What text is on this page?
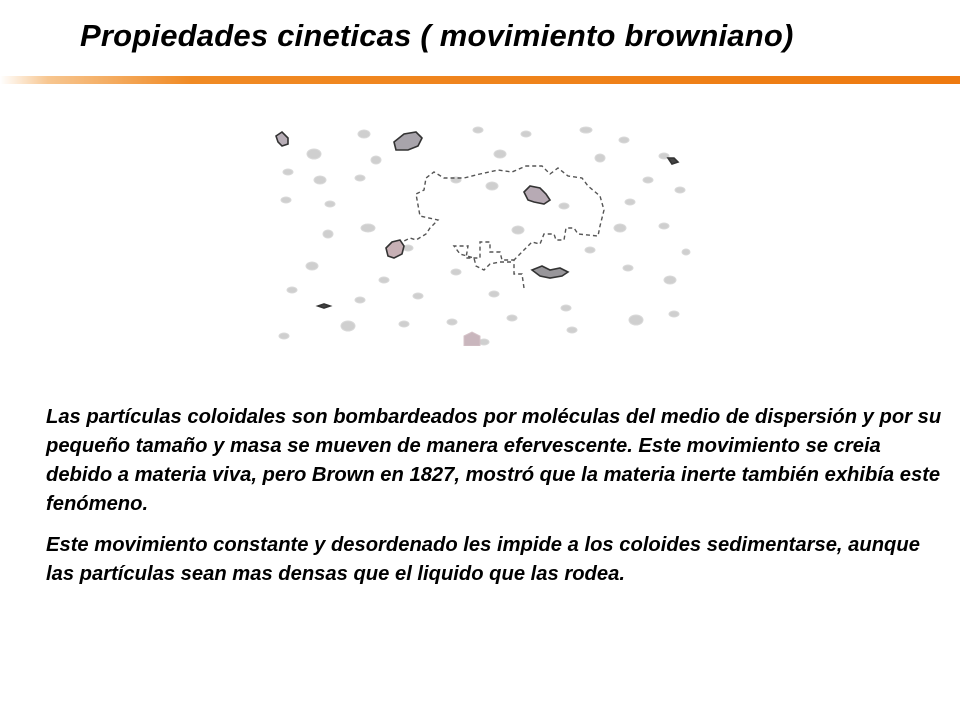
Propiedades cineticas ( movimiento browniano)

Las partículas coloidales son bombardeados por moléculas del medio de dispersión y por su pequeño tamaño y masa se mueven de manera efervescente. Este movimiento se creia debido a materia viva, pero Brown en 1827, mostró que la materia inerte también exhibía este fenómeno.

Este movimiento constante y desordenado les impide a los coloides sedimentarse, aunque las partículas sean mas densas que el liquido que las rodea.
